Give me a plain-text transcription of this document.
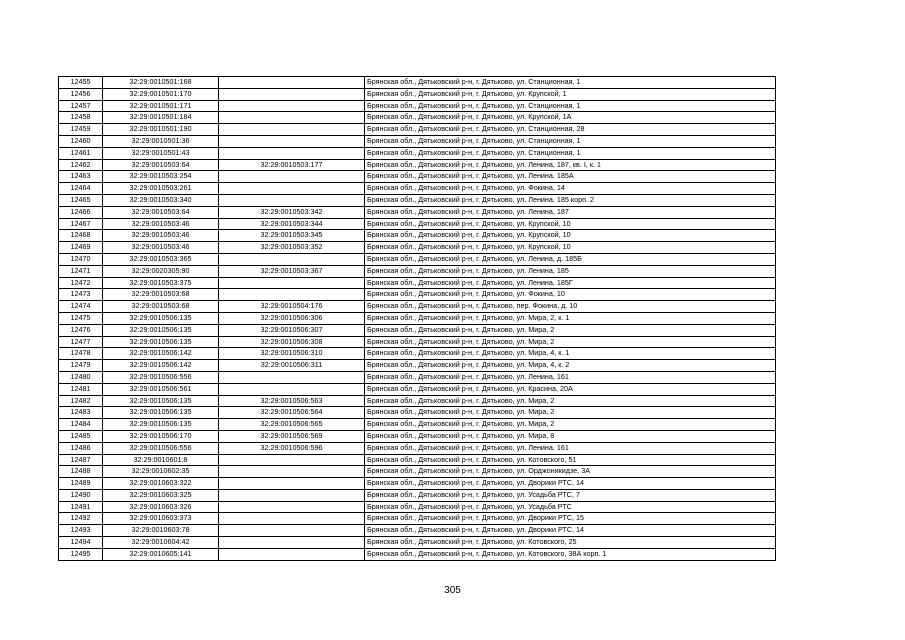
12455	32:29:0010501:168		Брянская обл., Дятьковский р-н, г. Дятьково, ул. Станционная, 1
12456	32:29:0010501:170		Брянская обл., Дятьковский р-н, г. Дятьково, ул. Крупской, 1
12457	32:29:0010501:171		Брянская обл., Дятьковский р-н, г. Дятьково, ул. Станционная, 1
12458	32:29:0010501:184		Брянская обл., Дятьковский р-н, г. Дятьково, ул. Крупской, 1А
12459	32:29:0010501:190		Брянская обл., Дятьковский р-н, г. Дятьково, ул. Станционная, 28
12460	32:29:0010501:36		Брянская обл., Дятьковский р-н, г. Дятьково, ул. Станционная, 1
12461	32:29:0010501:43		Брянская обл., Дятьковский р-н, г. Дятьково, ул. Станционная, 1
12462	32:29:0010503:64	32:29:0010503:177	Брянская обл., Дятьковский р-н, г. Дятьково, ул. Ленина, 187, кв. I, к. 1
12463	32:29:0010503:254		Брянская обл., Дятьковский р-н, г. Дятьково, ул. Ленина, 185А
12464	32:29:0010503:261		Брянская обл., Дятьковский р-н, г. Дятьково, ул. Фокина, 14
12465	32:29:0010503:340		Брянская обл., Дятьковский р-н, г. Дятьково, ул. Ленина, 185 корп. 2
12466	32:29:0010503:64	32:29:0010503:342	Брянская обл., Дятьковский р-н, г. Дятьково, ул. Ленина, 187
12467	32:29:0010503:46	32:29:0010503:344	Брянская обл., Дятьковский р-н, г. Дятьково, ул. Крупской, 10
12468	32:29:0010503:46	32:29:0010503:345	Брянская обл., Дятьковский р-н, г. Дятьково, ул. Крупской, 10
12469	32:29:0010503:46	32:29:0010503:352	Брянская обл., Дятьковский р-н, г. Дятьково, ул. Крупской, 10
12470	32:29:0010503:365		Брянская обл., Дятьковский р-н, г. Дятьково, ул. Ленина, д. 185Б
12471	32:29:0020305:90	32:29:0010503:367	Брянская обл., Дятьковский р-н, г. Дятьково, ул. Ленина, 185
12472	32:29:0010503:375		Брянская обл., Дятьковский р-н, г. Дятьково, ул. Ленина, 185Г
12473	32:29:0010503:68		Брянская обл., Дятьковский р-н, г. Дятьково, ул. Фокина, 10
12474	32:29:0010503:68	32:29:0010504:176	Брянская обл., Дятьковский р-н, г. Дятьково, пер. Фокина, д. 10
12475	32:29:0010506:135	32:29:0010506:306	Брянская обл., Дятьковский р-н, г. Дятьково, ул. Мира, 2, к. 1
12476	32:29:0010506:135	32:29:0010506:307	Брянская обл., Дятьковский р-н, г. Дятьково, ул. Мира, 2
12477	32:29:0010506:135	32:29:0010506:308	Брянская обл., Дятьковский р-н, г. Дятьково, ул. Мира, 2
12478	32:29:0010506:142	32:29:0010506:310	Брянская обл., Дятьковский р-н, г. Дятьково, ул. Мира, 4, к. 1
12479	32:29:0010506:142	32:29:0010506:311	Брянская обл., Дятьковский р-н, г. Дятьково, ул. Мира, 4, к. 2
12480	32:29:0010506:556		Брянская обл., Дятьковский р-н, г. Дятьково, ул. Ленина, 161
12481	32:29:0010506:561		Брянская обл., Дятьковский р-н, г. Дятьково, ул. Красина, 20А
12482	32:29:0010506:135	32:29:0010506:563	Брянская обл., Дятьковский р-н, г. Дятьково, ул. Мира, 2
12483	32:29:0010506:135	32:29:0010506:564	Брянская обл., Дятьковский р-н, г. Дятьково, ул. Мира, 2
12484	32:29:0010506:135	32:29:0010506:565	Брянская обл., Дятьковский р-н, г. Дятьково, ул. Мира, 2
12485	32:29:0010506:170	32:29:0010506:569	Брянская обл., Дятьковский р-н, г. Дятьково, ул. Мира, 8
12486	32:29:0010506:556	32:29:0010506:596	Брянская обл., Дятьковский р-н, г. Дятьково, ул. Ленина, 161
12487	32:29:0010601:8		Брянская обл., Дятьковский р-н, г. Дятьково, ул. Котовского, 51
12488	32:29:0010602:35		Брянская обл., Дятьковский р-н, г. Дятьково, ул. Орджоникидзе, 3А
12489	32:29:0010603:322		Брянская обл., Дятьковский р-н, г. Дятьково, ул. Дворики РТС, 14
12490	32:29:0010603:325		Брянская обл., Дятьковский р-н, г. Дятьково, ул. Усадьба РТС, 7
12491	32:29:0010603:326		Брянская обл., Дятьковский р-н, г. Дятьково, ул. Усадьба РТС
12492	32:29:0010603:373		Брянская обл., Дятьковский р-н, г. Дятьково, ул. Дворики РТС, 15
12493	32:29:0010603:78		Брянская обл., Дятьковский р-н, г. Дятьково, ул. Дворики РТС, 14
12494	32:29:0010604:42		Брянская обл., Дятьковский р-н, г. Дятьково, ул. Котовского, 25
12495	32:29:0010605:141		Брянская обл., Дятьковский р-н, г. Дятьково, ул. Котовского, 38А корп. 1
305
